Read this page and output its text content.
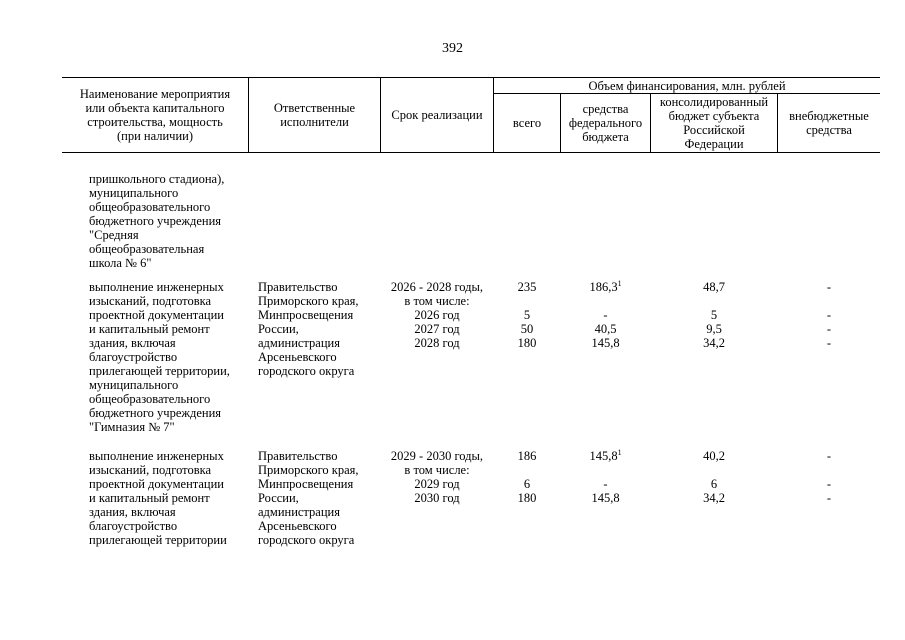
392
Наименование мероприятия
или объекта капитального
строительства, мощность
(при наличии)
Ответственные
исполнители	Срок реализации
Объем финансирования, млн. рублей
всего
средства
федерального
бюджета
консолидированный
бюджет субъекта
Российской
Федерации
внебюджетные
средства
пришкольного стадиона),
муниципального
общеобразовательного
бюджетного учреждения
"Средняя
общеобразовательная
школа № 6"
выполнение инженерных
изысканий, подготовка
проектной документации
и капитальный ремонт
здания, включая
благоустройство
прилегающей территории,
муниципального
общеобразовательного
бюджетного учреждения
"Гимназия № 7"
Правительство
Приморского края,
Минпросвещения
России,
администрация
Арсеньевского
городского округа
2026 - 2028 годы,
в том числе:
2026 год
2027 год
2028 год
235
5
50
180
186,3$^1$
-
40,5
145,8
48,7
5
9,5
34,2
-
-
-
-
выполнение инженерных
изысканий, подготовка
проектной документации
и капитальный ремонт
здания, включая
благоустройство
прилегающей территории
Правительство
Приморского края,
Минпросвещения
России,
администрация
Арсеньевского
городского округа
2029 - 2030 годы,
в том числе:
2029 год
2030 год
186
6
180
145,8$^1$
-
145,8
40,2
6
34,2
-
-
-
